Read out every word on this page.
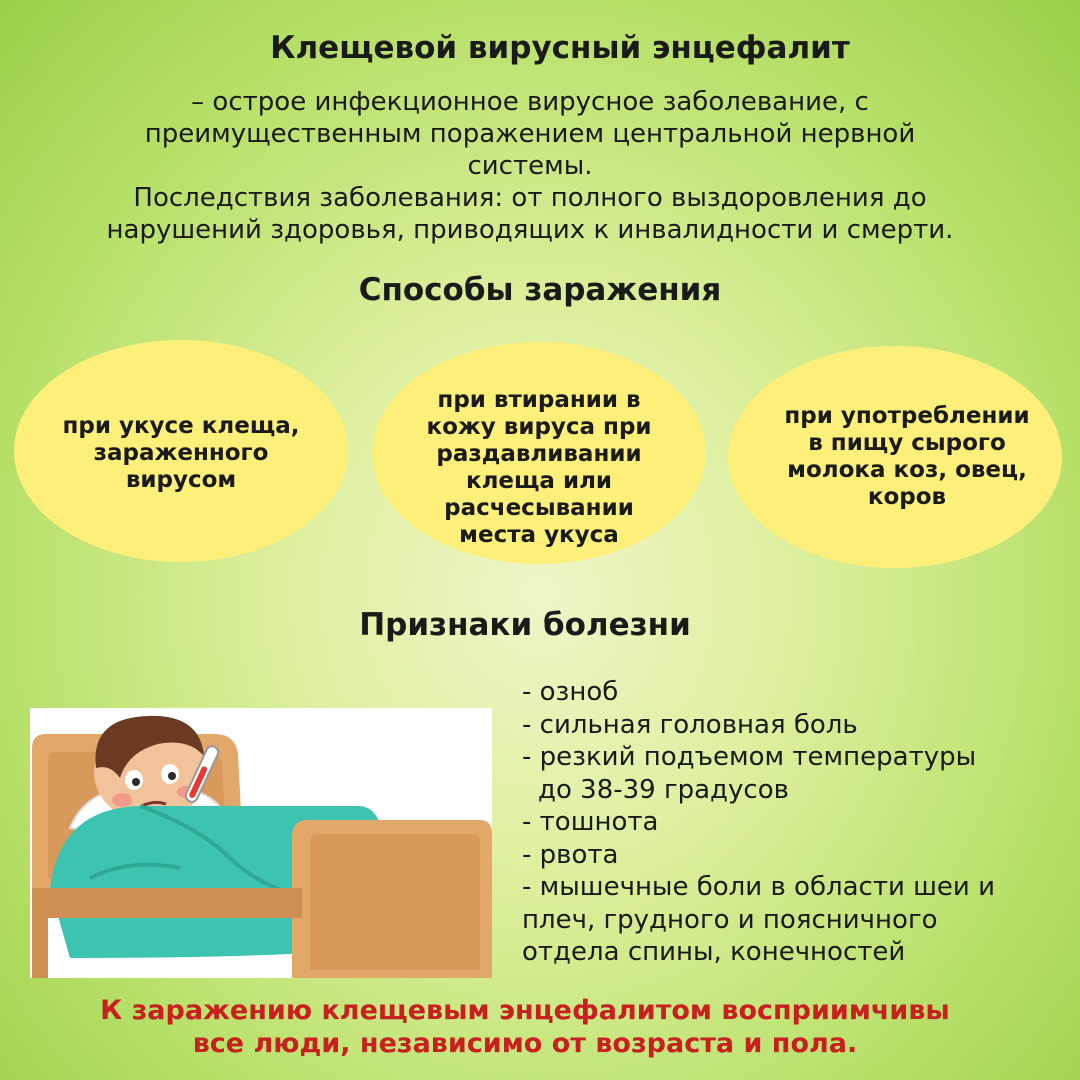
Клещевой вирусный энцефалит
– острое инфекционное вирусное заболевание, с
преимущественным поражением центральной нервной
системы.
Последствия заболевания: от полного выздоровления до
нарушений здоровья, приводящих к инвалидности и смерти.
Способы заражения
при укусе клеща,
зараженного
вирусом
при втирании в
кожу вируса при
раздавливании
клеща или
расчесывании
места укуса
при употреблении
в пищу сырого
молока коз, овец,
коров
Признаки болезни
- озноб
- сильная головная боль
- резкий подъемом температуры
до 38-39 градусов
- тошнота
- рвота
- мышечные боли в области шеи и
плеч, грудного и поясничного
отдела спины, конечностей
К заражению клещевым энцефалитом восприимчивы
все люди, независимо от возраста и пола.
